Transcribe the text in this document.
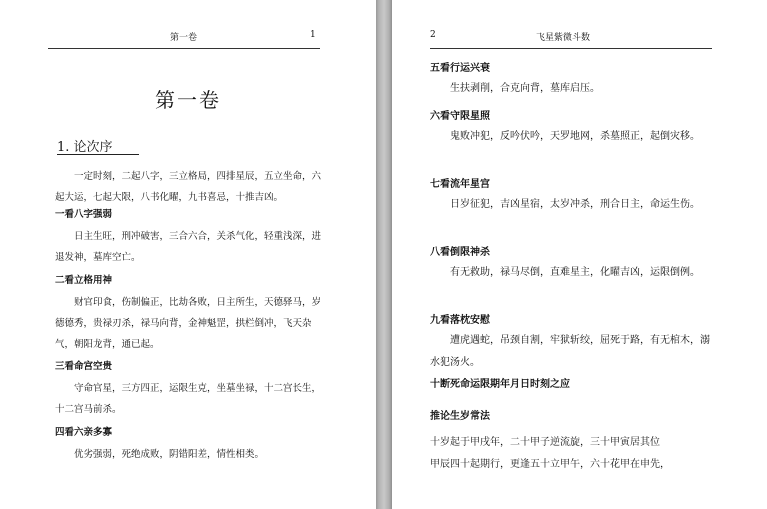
第一卷	1
第一卷
1. 论次序
一定时刻，二起八字，三立格局，四排星辰，五立坐命，六起大运，七起大限，八书化曜，九书喜忌，十推吉凶。
一看八字强弱
日主生旺，刑冲破害，三合六合，关杀气化，轻重浅深，进退发神，墓库空亡。
二看立格用神
财官印食，伤制偏正，比劫各败，日主所生，天德驿马，岁德德秀，贵禄刃杀，禄马向背，金神魁罡，拱栏倒冲，飞天杂气，朝阳龙背，通已起。
三看命宫空贵
守命官星，三方四正，运限生克，坐墓坐禄，十二宫长生，十二宫马前杀。
四看六亲多寡
优劣强弱，死绝成败，阴错阳差，情性相类。
2	飞星紫微斗数
五看行运兴衰
生扶剥削，合克向背，墓库启压。
六看守限星照
鬼败冲犯，反吟伏吟，天罗地网，杀墓照正，起倒灾移。
七看流年星宫
日岁征犯，吉凶星宿，太岁冲杀，刑合日主，命运生伤。
八看倒限神杀
有无救助，禄马尽倒，直难星主，化曜吉凶，运限倒例。
九看落枕安慰
遭虎遇蛇，吊颈自割，牢狱斩绞，屈死于路，有无棺木，溺水犯汤火。
十断死命运限期年月日时刻之应
推论生岁常法
十岁起于甲戌年，二十甲子逆流旋，三十甲寅居其位
甲辰四十起期行，更逢五十立甲午，六十花甲在申先，
